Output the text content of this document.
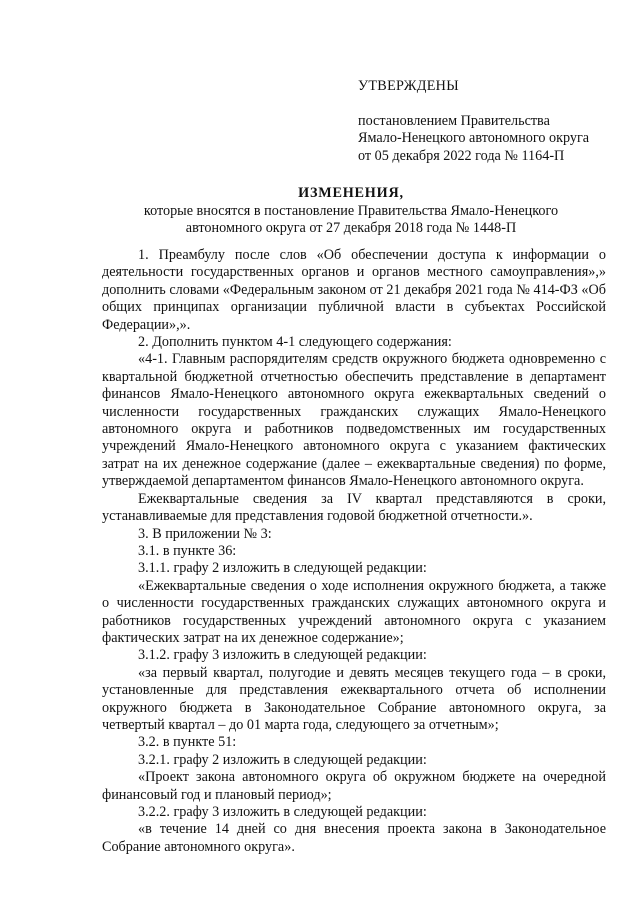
УТВЕРЖДЕНЫ
постановлением Правительства
Ямало-Ненецкого автономного округа
от 05 декабря 2022 года № 1164-П
ИЗМЕНЕНИЯ,
которые вносятся в постановление Правительства Ямало-Ненецкого
автономного округа от 27 декабря 2018 года № 1448-П

1. Преамбулу после слов «Об обеспечении доступа к информации о деятельности государственных органов и органов местного самоуправления»,» дополнить словами «Федеральным законом от 21 декабря 2021 года № 414-ФЗ «Об общих принципах организации публичной власти в субъектах Российской Федерации»,».

2. Дополнить пунктом 4-1 следующего содержания:

«4-1. Главным распорядителям средств окружного бюджета одновременно с квартальной бюджетной отчетностью обеспечить представление в департамент финансов Ямало-Ненецкого автономного округа ежеквартальных сведений о численности государственных гражданских служащих Ямало-Ненецкого автономного округа и работников подведомственных им государственных учреждений Ямало-Ненецкого автономного округа с указанием фактических затрат на их денежное содержание (далее – ежеквартальные сведения) по форме, утверждаемой департаментом финансов Ямало-Ненецкого автономного округа.

Ежеквартальные сведения за IV квартал представляются в сроки, устанавливаемые для представления годовой бюджетной отчетности.».

3. В приложении № 3:

3.1. в пункте 36:

3.1.1. графу 2 изложить в следующей редакции:

«Ежеквартальные сведения о ходе исполнения окружного бюджета, а также о численности государственных гражданских служащих автономного округа и работников государственных учреждений автономного округа с указанием фактических затрат на их денежное содержание»;

3.1.2. графу 3 изложить в следующей редакции:

«за первый квартал, полугодие и девять месяцев текущего года – в сроки, установленные для представления ежеквартального отчета об исполнении окружного бюджета в Законодательное Собрание автономного округа, за четвертый квартал – до 01 марта года, следующего за отчетным»;

3.2. в пункте 51:

3.2.1. графу 2 изложить в следующей редакции:

«Проект закона автономного округа об окружном бюджете на очередной финансовый год и плановый период»;

3.2.2. графу 3 изложить в следующей редакции:

«в течение 14 дней со дня внесения проекта закона в Законодательное Собрание автономного округа».
